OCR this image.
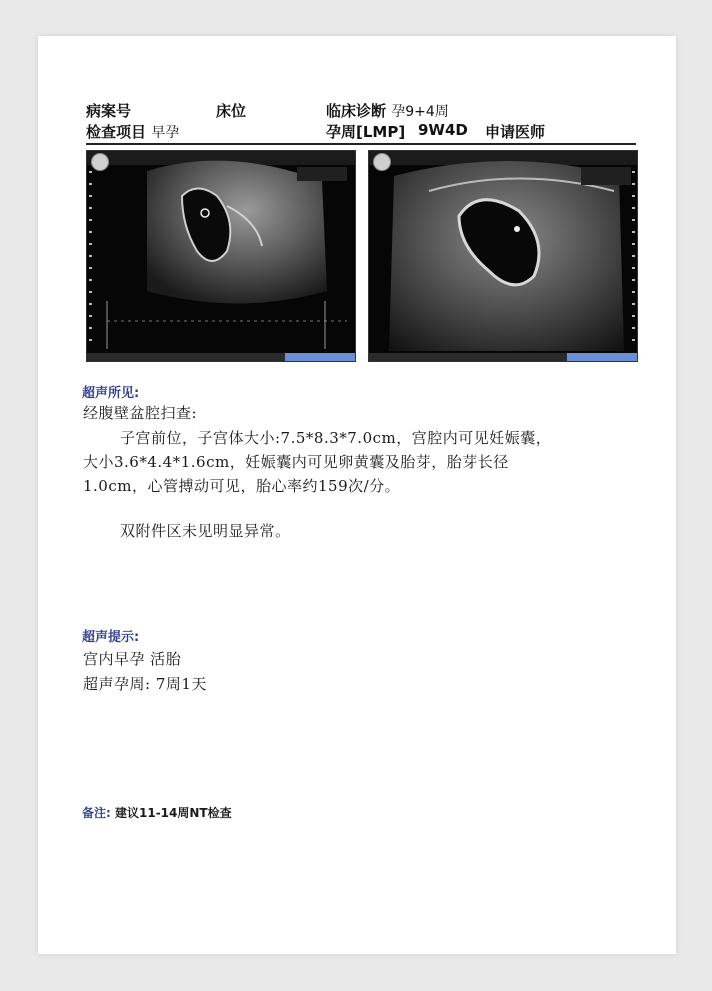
病案号	床位	临床诊断 孕9+4周
检查项目 早孕	孕周[LMP] 9W4D 申请医师
超声所见:
经腹壁盆腔扫查:
子宫前位，子宫体大小:7.5*8.3*7.0cm，宫腔内可见妊娠囊，
大小3.6*4.4*1.6cm，妊娠囊内可见卵黄囊及胎芽，胎芽长径
1.0cm，心管搏动可见，胎心率约159次/分。
双附件区未见明显异常。
超声提示:
宫内早孕 活胎
超声孕周: 7周1天
备注: 建议11-14周NT检查
